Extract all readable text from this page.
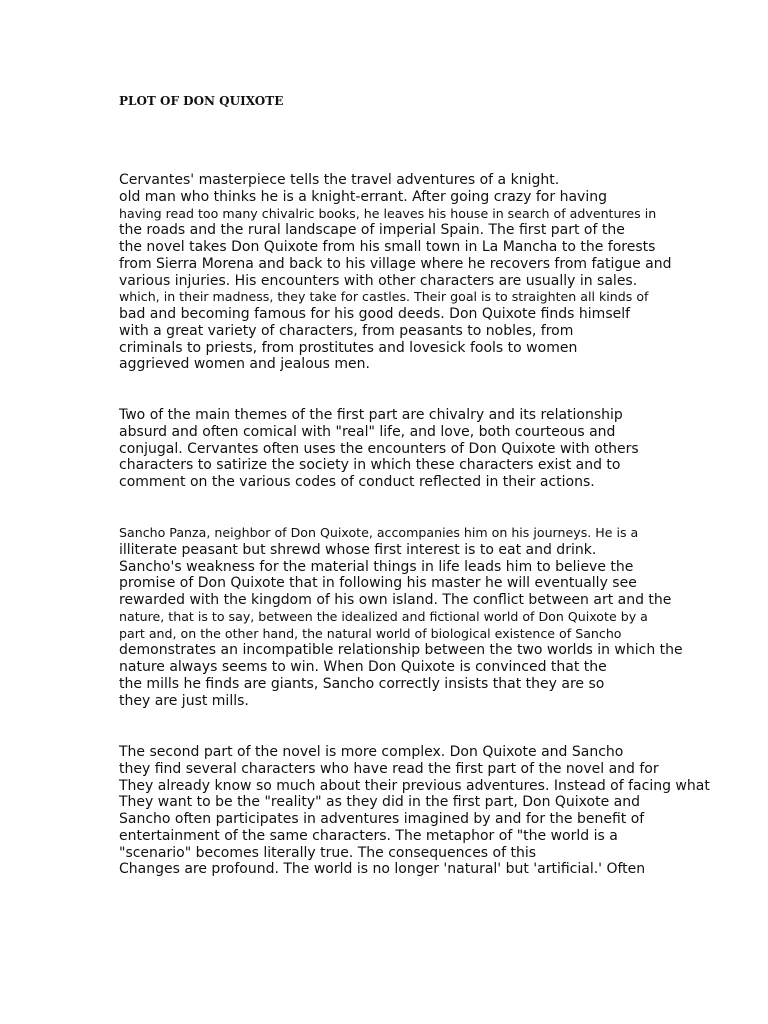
PLOT OF DON QUIXOTE
Cervantes' masterpiece tells the travel adventures of a knight.
old man who thinks he is a knight-errant. After going crazy for having
having read too many chivalric books, he leaves his house in search of adventures in
the roads and the rural landscape of imperial Spain. The first part of the
the novel takes Don Quixote from his small town in La Mancha to the forests
from Sierra Morena and back to his village where he recovers from fatigue and
various injuries. His encounters with other characters are usually in sales.
which, in their madness, they take for castles. Their goal is to straighten all kinds of
bad and becoming famous for his good deeds. Don Quixote finds himself
with a great variety of characters, from peasants to nobles, from
criminals to priests, from prostitutes and lovesick fools to women
aggrieved women and jealous men.
Two of the main themes of the first part are chivalry and its relationship
absurd and often comical with "real" life, and love, both courteous and
conjugal. Cervantes often uses the encounters of Don Quixote with others
characters to satirize the society in which these characters exist and to
comment on the various codes of conduct reflected in their actions.
Sancho Panza, neighbor of Don Quixote, accompanies him on his journeys. He is a
illiterate peasant but shrewd whose first interest is to eat and drink.
Sancho's weakness for the material things in life leads him to believe the
promise of Don Quixote that in following his master he will eventually see
rewarded with the kingdom of his own island. The conflict between art and the
nature, that is to say, between the idealized and fictional world of Don Quixote by a
part and, on the other hand, the natural world of biological existence of Sancho
demonstrates an incompatible relationship between the two worlds in which the
nature always seems to win. When Don Quixote is convinced that the
the mills he finds are giants, Sancho correctly insists that they are so
they are just mills.
The second part of the novel is more complex. Don Quixote and Sancho
they find several characters who have read the first part of the novel and for
They already know so much about their previous adventures. Instead of facing what
They want to be the "reality" as they did in the first part, Don Quixote and
Sancho often participates in adventures imagined by and for the benefit of
entertainment of the same characters. The metaphor of "the world is a
"scenario" becomes literally true. The consequences of this
Changes are profound. The world is no longer 'natural' but 'artificial.' Often
